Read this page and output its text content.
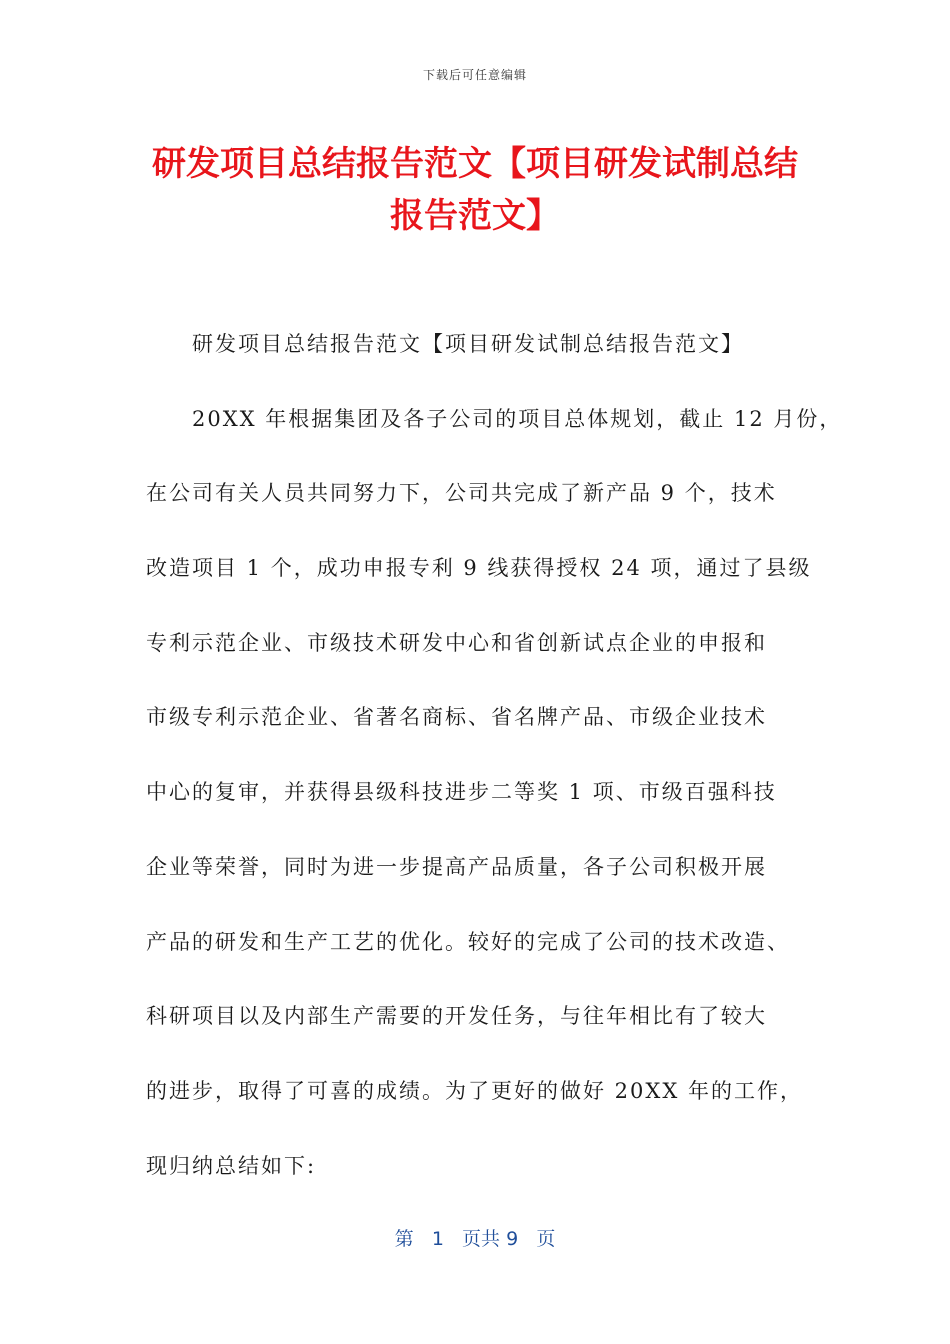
下载后可任意编辑
研发项目总结报告范文【项目研发试制总结
报告范文】
研发项目总结报告范文【项目研发试制总结报告范文】
20XX 年根据集团及各子公司的项目总体规划，截止 12 月份，
在公司有关人员共同努力下，公司共完成了新产品 9 个，技术
改造项目 1 个，成功申报专利 9 线获得授权 24 项，通过了县级
专利示范企业、市级技术研发中心和省创新试点企业的申报和
市级专利示范企业、省著名商标、省名牌产品、市级企业技术
中心的复审，并获得县级科技进步二等奖 1 项、市级百强科技
企业等荣誉，同时为进一步提高产品质量，各子公司积极开展
产品的研发和生产工艺的优化。较好的完成了公司的技术改造、
科研项目以及内部生产需要的开发任务，与往年相比有了较大
的进步，取得了可喜的成绩。为了更好的做好 20XX 年的工作，
现归纳总结如下:
第 1 页共 9 页
